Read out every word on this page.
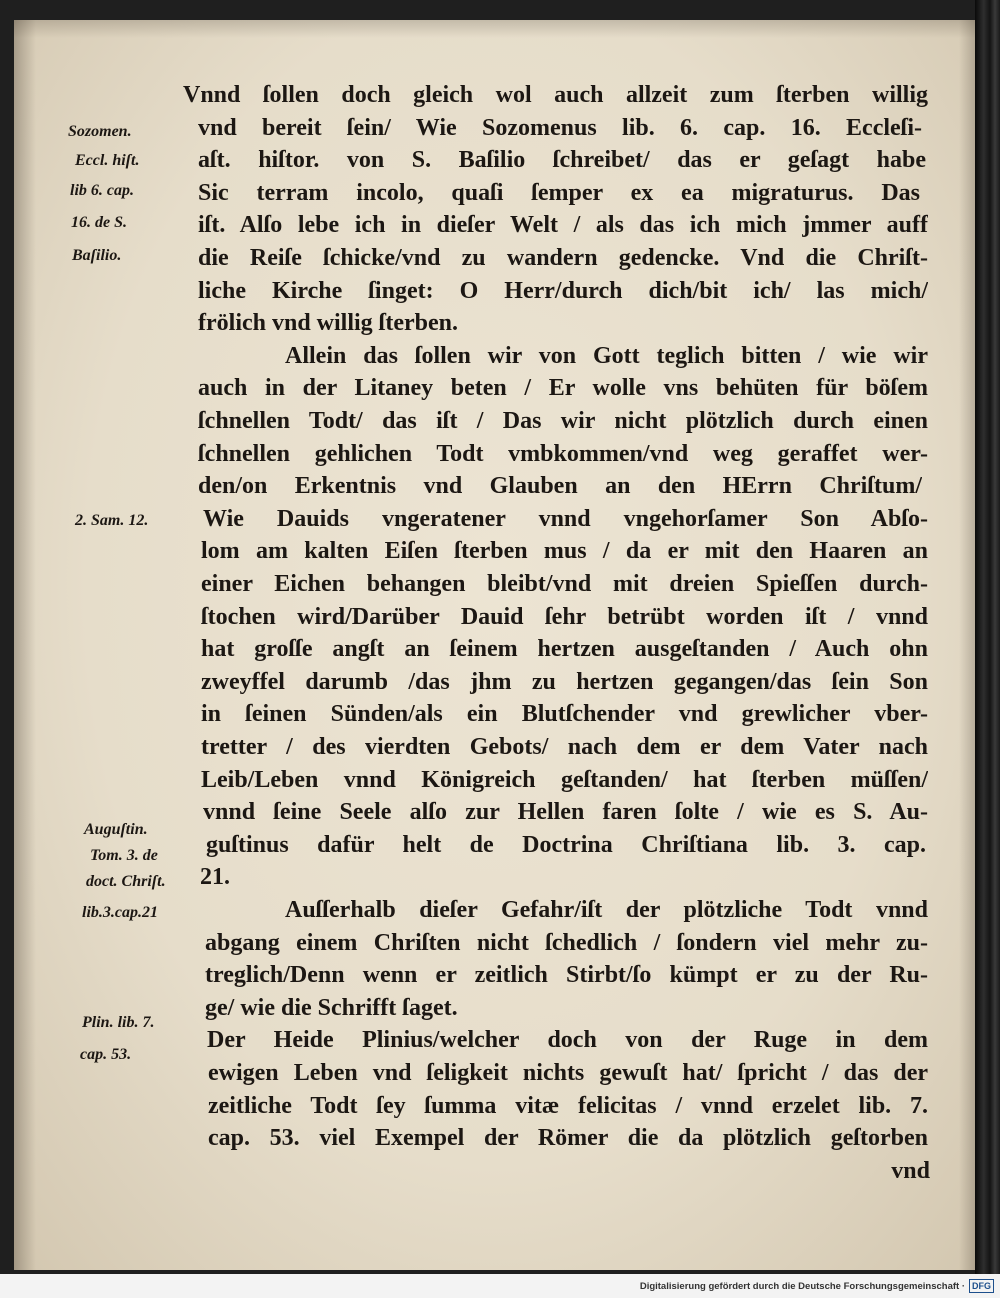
Vnnd ſollen doch gleich wol auch allzeit zum ſterben willig
vnd bereit ſein/ Wie Sozomenus lib. 6. cap. 16. Eccleſi-
aſt. hiſtor. von S. Baſilio ſchreibet/ das er geſagt habe
Sic terram incolo, quaſi ſemper ex ea migraturus. Das
iſt. Alſo lebe ich in dieſer Welt / als das ich mich jmmer auff
die Reiſe ſchicke/vnd zu wandern gedencke. Vnd die Chriſt-
liche Kirche ſinget: O Herr/durch dich/bit ich/ las mich/
frölich vnd willig ſterben.
Allein das ſollen wir von Gott teglich bitten / wie wir
auch in der Litaney beten / Er wolle vns behüten für böſem
ſchnellen Todt/ das iſt / Das wir nicht plötzlich durch einen
ſchnellen gehlichen Todt vmbkommen/vnd weg geraffet wer-
den/on Erkentnis vnd Glauben an den HErrn Chriſtum/
Wie Dauids vngeratener vnnd vngehorſamer Son Abſo-
lom am kalten Eiſen ſterben mus / da er mit den Haaren an
einer Eichen behangen bleibt/vnd mit dreien Spieſſen durch-
ſtochen wird/Darüber Dauid ſehr betrübt worden iſt / vnnd
hat groſſe angſt an ſeinem hertzen ausgeſtanden / Auch ohn
zweyffel darumb /das jhm zu hertzen gegangen/das ſein Son
in ſeinen Sünden/als ein Blutſchender vnd grewlicher vber-
tretter / des vierdten Gebots/ nach dem er dem Vater nach
Leib/Leben vnnd Königreich geſtanden/ hat ſterben müſſen/
vnnd ſeine Seele alſo zur Hellen faren ſolte / wie es S. Au-
guſtinus dafür helt de Doctrina Chriſtiana lib. 3. cap.
21.
Auſſerhalb dieſer Gefahr/iſt der plötzliche Todt vnnd
abgang einem Chriſten nicht ſchedlich / ſondern viel mehr zu-
treglich/Denn wenn er zeitlich Stirbt/ſo kümpt er zu der Ru-
ge/ wie die Schrifft ſaget.
Der Heide Plinius/welcher doch von der Ruge in dem
ewigen Leben vnd ſeligkeit nichts gewuſt hat/ ſpricht / das der
zeitliche Todt ſey ſumma vitæ felicitas / vnnd erzelet lib. 7.
cap. 53. viel Exempel der Römer die da plötzlich geſtorben
vnd
Sozomen.
Eccl. hiſt.
lib 6. cap.
16. de S.
Baſilio.
2. Sam. 12.
Auguſtin.
Tom. 3. de
doct. Chriſt.
lib.3.cap.21
Plin. lib. 7.
cap. 53.
Digitalisierung gefördert durch die Deutsche Forschungsgemeinschaft · DFG
